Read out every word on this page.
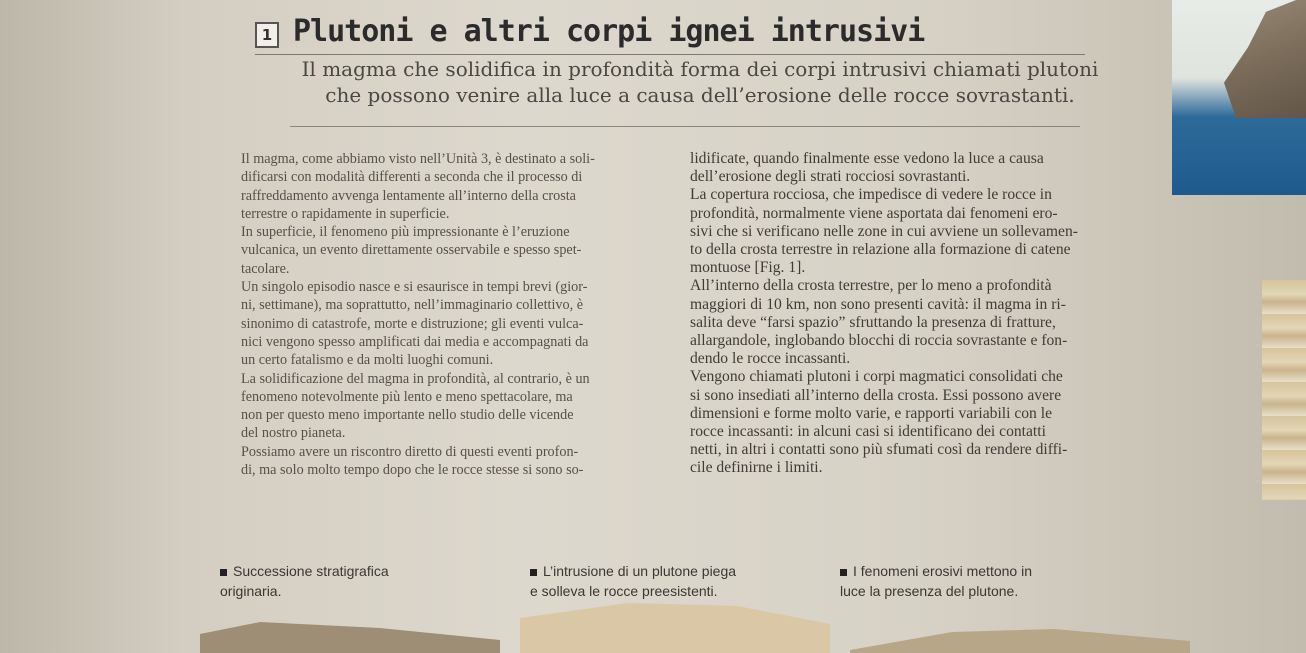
1 Plutoni e altri corpi ignei intrusivi
Il magma che solidifica in profondità forma dei corpi intrusivi chiamati plutoni
che possono venire alla luce a causa dell’erosione delle rocce sovrastanti.
Il magma, come abbiamo visto nell’Unità 3, è destinato a soli-
dificarsi con modalità differenti a seconda che il processo di
raffreddamento avvenga lentamente all’interno della crosta
terrestre o rapidamente in superficie.
In superficie, il fenomeno più impressionante è l’eruzione
vulcanica, un evento direttamente osservabile e spesso spet-
tacolare.
Un singolo episodio nasce e si esaurisce in tempi brevi (gior-
ni, settimane), ma soprattutto, nell’immaginario collettivo, è
sinonimo di catastrofe, morte e distruzione; gli eventi vulca-
nici vengono spesso amplificati dai media e accompagnati da
un certo fatalismo e da molti luoghi comuni.
La solidificazione del magma in profondità, al contrario, è un
fenomeno notevolmente più lento e meno spettacolare, ma
non per questo meno importante nello studio delle vicende
del nostro pianeta.
Possiamo avere un riscontro diretto di questi eventi profon-
di, ma solo molto tempo dopo che le rocce stesse si sono so-
lidificate, quando finalmente esse vedono la luce a causa
dell’erosione degli strati rocciosi sovrastanti.
La copertura rocciosa, che impedisce di vedere le rocce in
profondità, normalmente viene asportata dai fenomeni ero-
sivi che si verificano nelle zone in cui avviene un sollevamen-
to della crosta terrestre in relazione alla formazione di catene
montuose [Fig. 1].
All’interno della crosta terrestre, per lo meno a profondità
maggiori di 10 km, non sono presenti cavità: il magma in ri-
salita deve “farsi spazio” sfruttando la presenza di fratture,
allargandole, inglobando blocchi di roccia sovrastante e fon-
dendo le rocce incassanti.
Vengono chiamati plutoni i corpi magmatici consolidati che
si sono insediati all’interno della crosta. Essi possono avere
dimensioni e forme molto varie, e rapporti variabili con le
rocce incassanti: in alcuni casi si identificano dei contatti
netti, in altri i contatti sono più sfumati così da rendere diffi-
cile definirne i limiti.
Successione stratigrafica
originaria.
L’intrusione di un plutone piega
e solleva le rocce preesistenti.
I fenomeni erosivi mettono in
luce la presenza del plutone.
